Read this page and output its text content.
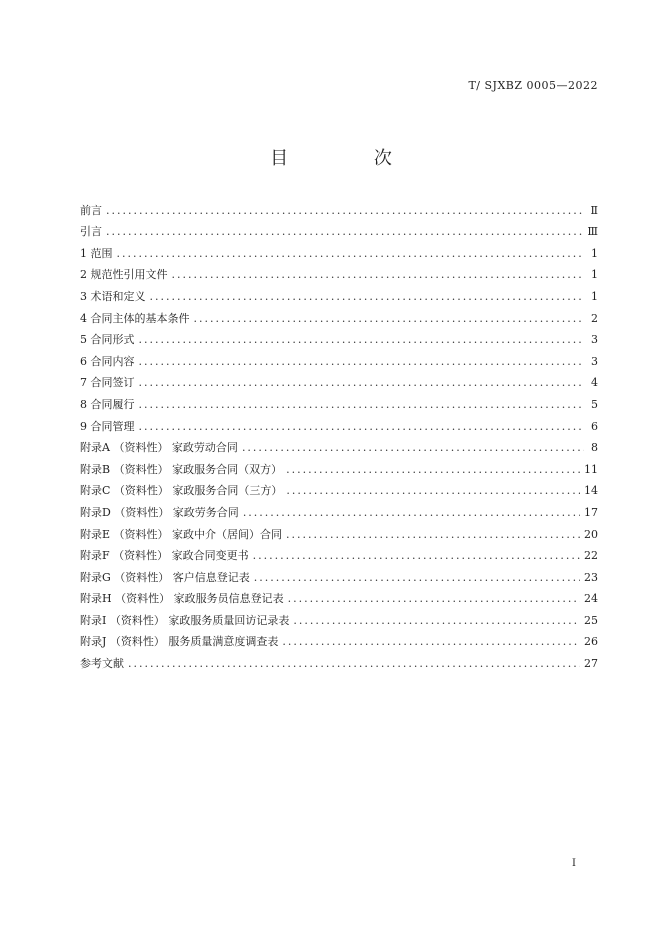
T/ SJXBZ 0005—2022
目 次
前言 .....	Ⅱ
引言 .....	Ⅲ
1 范围 .....	1
2 规范性引用文件 .....	1
3 术语和定义 .....	1
4 合同主体的基本条件 .....	2
5 合同形式 .....	3
6 合同内容 .....	3
7 合同签订 .....	4
8 合同履行 .....	5
9 合同管理 .....	6
附录A （资料性） 家政劳动合同 .....	8
附录B （资料性） 家政服务合同（双方） .....	11
附录C （资料性） 家政服务合同（三方） .....	14
附录D （资料性） 家政劳务合同 .....	17
附录E （资料性） 家政中介（居间）合同 .....	20
附录F （资料性） 家政合同变更书 .....	22
附录G （资料性） 客户信息登记表 .....	23
附录H （资料性） 家政服务员信息登记表 .....	24
附录I （资料性） 家政服务质量回访记录表 .....	25
附录J （资料性） 服务质量满意度调查表 .....	26
参考文献 .....	27
I
